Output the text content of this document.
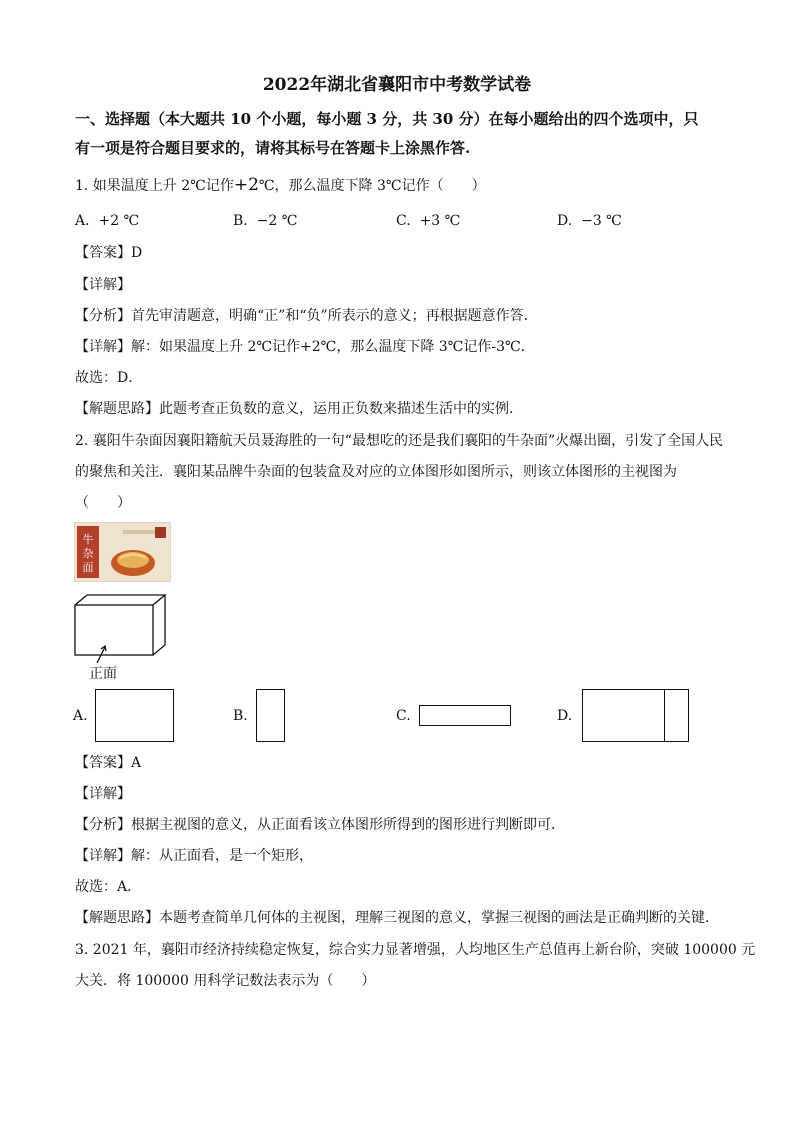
2022年湖北省襄阳市中考数学试卷
一、选择题（本大题共 10 个小题，每小题 3 分，共 30 分）在每小题给出的四个选项中，只
有一项是符合题目要求的，请将其标号在答题卡上涂黑作答.
1. 如果温度上升 2℃记作+2℃，那么温度下降 3℃记作（　　）
A. +2 ℃	B. −2 ℃	C. +3 ℃	D. −3 ℃
【答案】D
【详解】
【分析】首先审清题意，明确“正”和“负”所表示的意义；再根据题意作答．
【详解】解：如果温度上升 2℃记作+2℃，那么温度下降 3℃记作-3℃．
故选：D．
【解题思路】此题考查正负数的意义，运用正负数来描述生活中的实例．
2. 襄阳牛杂面因襄阳籍航天员聂海胜的一句“最想吃的还是我们襄阳的牛杂面”火爆出圈，引发了全国人民
的聚焦和关注．襄阳某品牌牛杂面的包装盒及对应的立体图形如图所示，则该立体图形的主视图为
（　　）
牛
杂
面
正面
A.	B.	C.	D.
【答案】A
【详解】
【分析】根据主视图的意义，从正面看该立体图形所得到的图形进行判断即可．
【详解】解：从正面看，是一个矩形，
故选：A．
【解题思路】本题考查简单几何体的主视图，理解三视图的意义，掌握三视图的画法是正确判断的关键．
3. 2021 年，襄阳市经济持续稳定恢复，综合实力显著增强，人均地区生产总值再上新台阶，突破 100000 元
大关．将 100000 用科学记数法表示为（　　）
